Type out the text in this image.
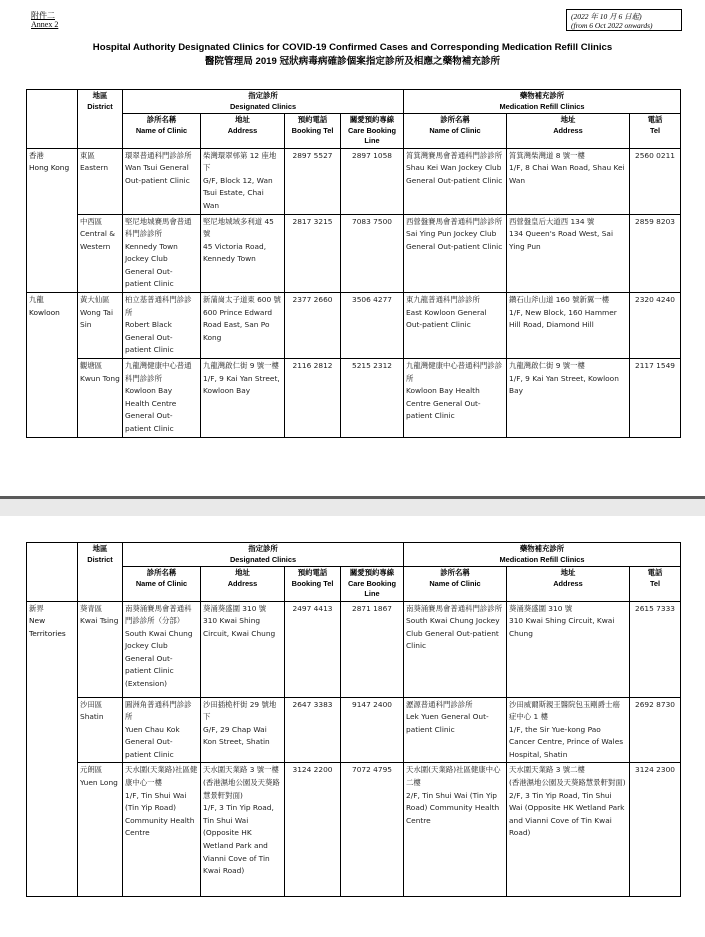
附件二
Annex 2
(2022 年 10 月 6 日起)
(from 6 Oct 2022 onwards)
Hospital Authority Designated Clinics for COVID-19 Confirmed Cases and Corresponding Medication Refill Clinics
醫院管理局 2019 冠狀病毒病確診個案指定診所及相應之藥物補充診所

	地區
District	指定診所
Designated Clinics				藥物補充診所
Medication Refill Clinics		

		診所名稱
Name of Clinic	地址
Address	預約電話
Booking Tel	關愛預約專線
Care Booking Line	診所名稱
Name of Clinic	地址
Address	電話
Tel

香港
Hong Kong	東區
Eastern	環翠普通科門診診所
Wan Tsui General Out-patient Clinic	柴灣環翠邨第 12 座地下
G/F, Block 12, Wan Tsui Estate, Chai Wan	2897 5527	2897 1058	筲箕灣賽馬會普通科門診診所
Shau Kei Wan Jockey Club General Out-patient Clinic	筲箕灣柴灣道 8 號一樓
1/F, 8 Chai Wan Road, Shau Kei Wan	2560 0211

	中西區
Central & Western	堅尼地城賽馬會普通科門診診所
Kennedy Town Jockey Club General Out-patient Clinic	堅尼地城域多利道 45 號
45 Victoria Road, Kennedy Town	2817 3215	7083 7500	西營盤賽馬會普通科門診診所
Sai Ying Pun Jockey Club General Out-patient Clinic	西營盤皇后大道西 134 號
134 Queen's Road West, Sai Ying Pun	2859 8203

九龍
Kowloon	黃大仙區
Wong Tai Sin	柏立基普通科門診診所
Robert Black General Out-patient Clinic	新蒲崗太子道東 600 號
600 Prince Edward Road East, San Po Kong	2377 2660	3506 4277	東九龍普通科門診診所
East Kowloon General Out-patient Clinic	鑽石山斧山道 160 號新翼一樓
1/F, New Block, 160 Hammer Hill Road, Diamond Hill	2320 4240

	觀塘區
Kwun Tong	九龍灣健康中心普通科門診診所
Kowloon Bay Health Centre General Out-patient Clinic	九龍灣啟仁街 9 號一樓
1/F, 9 Kai Yan Street, Kowloon Bay	2116 2812	5215 2312	九龍灣健康中心普通科門診診所
Kowloon Bay Health Centre General Out-patient Clinic	九龍灣啟仁街 9 號一樓
1/F, 9 Kai Yan Street, Kowloon Bay	2117 1549

	地區
District	指定診所
Designated Clinics				藥物補充診所
Medication Refill Clinics		

		診所名稱
Name of Clinic	地址
Address	預約電話
Booking Tel	關愛預約專線
Care Booking Line	診所名稱
Name of Clinic	地址
Address	電話
Tel

新界
New Territories	葵青區
Kwai Tsing	南葵涌賽馬會普通科門診診所（分部）
South Kwai Chung Jockey Club General Out-patient Clinic (Extension)	葵涌葵盛圍 310 號
310 Kwai Shing Circuit, Kwai Chung	2497 4413	2871 1867	南葵涌賽馬會普通科門診診所
South Kwai Chung Jockey Club General Out-patient Clinic	葵涌葵盛圍 310 號
310 Kwai Shing Circuit, Kwai Chung	2615 7333

	沙田區
Shatin	圓洲角普通科門診診所
Yuen Chau Kok General Out-patient Clinic	沙田插桅杆街 29 號地下
G/F, 29 Chap Wai Kon Street, Shatin	2647 3383	9147 2400	瀝源普通科門診診所
Lek Yuen General Out-patient Clinic	沙田威爾斯親王醫院包玉剛爵士癌症中心 1 樓
1/F, the Sir Yue-kong Pao Cancer Centre, Prince of Wales Hospital, Shatin	2692 8730

	元朗區
Yuen Long	天水圍(天業路)社區健康中心一樓
1/F, Tin Shui Wai (Tin Yip Road) Community Health Centre	天水圍天業路 3 號一樓
(香港濕地公園及天葵路慧景軒對面)
1/F, 3 Tin Yip Road, Tin Shui Wai (Opposite HK Wetland Park and Vianni Cove of Tin Kwai Road)	3124 2200	7072 4795	天水圍(天業路)社區健康中心二樓
2/F, Tin Shui Wai (Tin Yip Road) Community Health Centre	天水圍天業路 3 號二樓
(香港濕地公園及天葵路慧景軒對面)
2/F, 3 Tin Yip Road, Tin Shui Wai (Opposite HK Wetland Park and Vianni Cove of Tin Kwai Road)	3124 2300
